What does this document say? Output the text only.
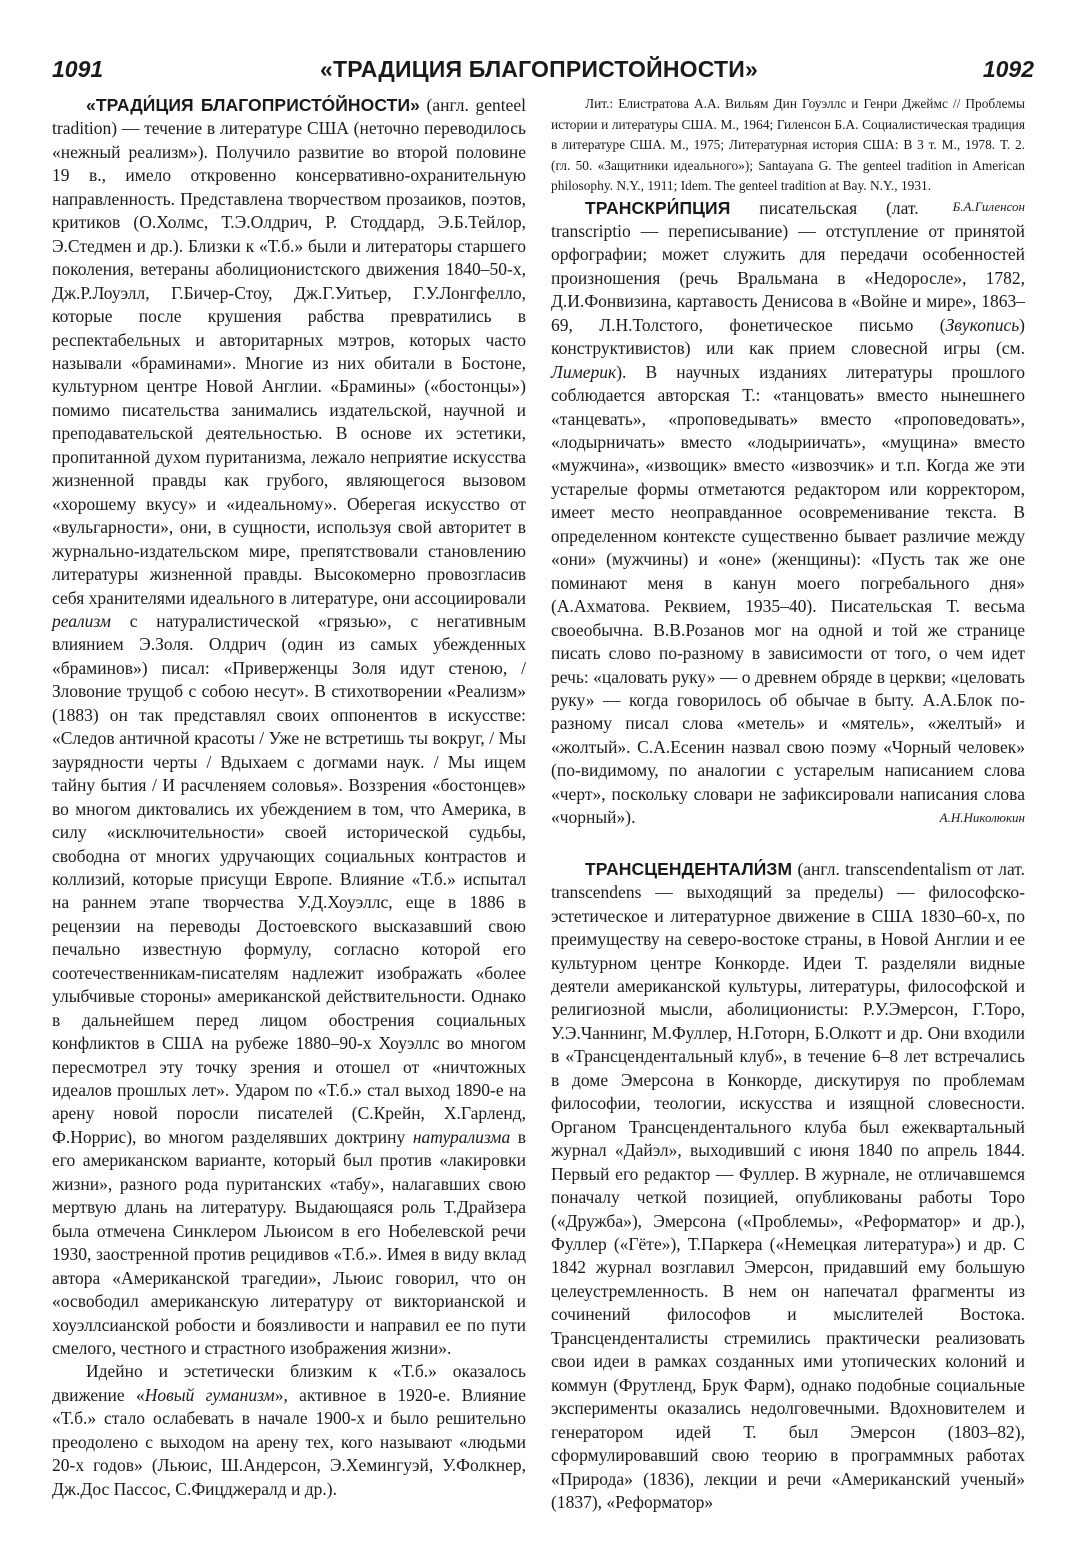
1091	«ТРАДИЦИЯ БЛАГОПРИСТОЙНОСТИ»	1092

«ТРАДИ́ЦИЯ БЛАГОПРИСТО́ЙНОСТИ» (англ. genteel tradition) — течение в литературе США (неточно переводилось «нежный реализм»). Получило развитие во второй половине 19 в., имело откровенно консервативно-охранительную направленность. Представлена творчеством прозаиков, поэтов, критиков (О.Холмс, Т.Э.Олдрич, Р. Стоддард, Э.Б.Тейлор, Э.Стедмен и др.). Близки к «Т.б.» были и литераторы старшего поколения, ветераны аболиционистского движения 1840–50-х, Дж.Р.Лоуэлл, Г.Бичер-Стоу, Дж.Г.Уитьер, Г.У.Лонгфелло, которые после крушения рабства превратились в респектабельных и авторитарных мэтров, которых часто называли «браминами». Многие из них обитали в Бостоне, культурном центре Новой Англии. «Брамины» («бостонцы») помимо писательства занимались издательской, научной и преподавательской деятельностью. В основе их эстетики, пропитанной духом пуританизма, лежало неприятие искусства жизненной правды как грубого, являющегося вызовом «хорошему вкусу» и «идеальному». Оберегая искусство от «вульгарности», они, в сущности, используя свой авторитет в журнально-издательском мире, препятствовали становлению литературы жизненной правды. Высокомерно провозгласив себя хранителями идеального в литературе, они ассоциировали реализм с натуралистической «грязью», с негативным влиянием Э.Золя. Олдрич (один из самых убежденных «браминов») писал: «Приверженцы Золя идут стеною, / Зловоние трущоб с собою несут». В стихотворении «Реализм» (1883) он так представлял своих оппонентов в искусстве: «Следов античной красоты / Уже не встретишь ты вокруг, / Мы заурядности черты / Вдыхаем с догмами наук. / Мы ищем тайну бытия / И расчленяем соловья». Воззрения «бостонцев» во многом диктовались их убеждением в том, что Америка, в силу «исключительности» своей исторической судьбы, свободна от многих удручающих социальных контрастов и коллизий, которые присущи Европе. Влияние «Т.б.» испытал на раннем этапе творчества У.Д.Хоуэллс, еще в 1886 в рецензии на переводы Достоевского высказавший свою печально известную формулу, согласно которой его соотечественникам-писателям надлежит изображать «более улыбчивые стороны» американской действительности. Однако в дальнейшем перед лицом обострения социальных конфликтов в США на рубеже 1880–90-х Хоуэллс во многом пересмотрел эту точку зрения и отошел от «ничтожных идеалов прошлых лет». Ударом по «Т.б.» стал выход 1890-е на арену новой поросли писателей (С.Крейн, Х.Гарленд, Ф.Норрис), во многом разделявших доктрину натурализма в его американском варианте, который был против «лакировки жизни», разного рода пуританских «табу», налагавших свою мертвую длань на литературу. Выдающаяся роль Т.Драйзера была отмечена Синклером Льюисом в его Нобелевской речи 1930, заостренной против рецидивов «Т.б.». Имея в виду вклад автора «Американской трагедии», Льюис говорил, что он «освободил американскую литературу от викторианской и хоуэллсианской робости и боязливости и направил ее по пути смелого, честного и страстного изображения жизни».

Идейно и эстетически близким к «Т.б.» оказалось движение «Новый гуманизм», активное в 1920-е. Влияние «Т.б.» стало ослабевать в начале 1900-х и было решительно преодолено с выходом на арену тех, кого называют «людьми 20-х годов» (Льюис, Ш.Андерсон, Э.Хемингуэй, У.Фолкнер, Дж.Дос Пассос, С.Фицджерaлд и др.).

Лит.: Елистратова А.А. Вильям Дин Гоуэллс и Генри Джеймс // Проблемы истории и литературы США. М., 1964; Гиленсон Б.А. Социалистическая традиция в литературе США. М., 1975; Литературная история США: В 3 т. М., 1978. Т. 2. (гл. 50. «Защитники идеального»); Santayana G. The genteel tradition in American philosophy. N.Y., 1911; Idem. The genteel tradition at Bay. N.Y., 1931.
Б.А.Гиленсон

ТРАНСКРИ́ПЦИЯ писательская (лат. transcriptio — переписывание) — отступление от принятой орфографии; может служить для передачи особенностей произношения (речь Вральмана в «Недоросле», 1782, Д.И.Фонвизина, картавость Денисова в «Войне и мире», 1863–69, Л.Н.Толстого, фонетическое письмо (Звукопись) конструктивистов) или как прием словесной игры (см. Лимерик). В научных изданиях литературы прошлого соблюдается авторская Т.: «танцовать» вместо нынешнего «танцевать», «проповедывать» вместо «проповедовать», «лодырничать» вместо «лодыриичать», «мущина» вместо «мужчина», «извощик» вместо «извозчик» и т.п. Когда же эти устарелые формы отметаются редактором или корректором, имеет место неоправданное осовременивание текста. В определенном контексте существенно бывает различие между «они» (мужчины) и «оне» (женщины): «Пусть так же оне поминают меня в канун моего погребального дня» (А.Ахматова. Реквием, 1935–40). Писательская Т. весьма своеобычна. В.В.Розанов мог на одной и той же странице писать слово по-разному в зависимости от того, о чем идет речь: «цаловать руку» — о древнем обряде в церкви; «целовать руку» — когда говорилось об обычае в быту. А.А.Блок по-разному писал слова «метель» и «мятель», «желтый» и «жолтый». С.А.Есенин назвал свою поэму «Чорный человек» (по-видимому, по аналогии с устарелым написанием слова «черт», поскольку словари не зафиксировали написания слова «чорный»).	А.Н.Николюкин

ТРАНСЦЕНДЕНТАЛИ́ЗМ (англ. transcendentalism от лат. transcendens — выходящий за пределы) — философско-эстетическое и литературное движение в США 1830–60-х, по преимуществу на северо-востоке страны, в Новой Англии и ее культурном центре Конкорде. Идеи Т. разделяли видные деятели американской культуры, литературы, философской и религиозной мысли, аболиционисты: Р.У.Эмерсон, Г.Торо, У.Э.Чаннинг, М.Фуллер, Н.Готорн, Б.Олкотт и др. Они входили в «Трансцендентальный клуб», в течение 6–8 лет встречались в доме Эмерсона в Конкорде, дискутируя по проблемам философии, теологии, искусства и изящной словесности. Органом Трансцендентального клуба был ежеквартальный журнал «Дайэл», выходивший с июня 1840 по апрель 1844. Первый его редактор — Фуллер. В журнале, не отличавшемся поначалу четкой позицией, опубликованы работы Торо («Дружба»), Эмерсона («Проблемы», «Реформатор» и др.), Фуллер («Гёте»), Т.Паркера («Немецкая литература») и др. С 1842 журнал возглавил Эмерсон, придавший ему большую целеустремленность. В нем он напечатал фрагменты из сочинений философов и мыслителей Востока. Трансценденталисты стремились практически реализовать свои идеи в рамках созданных ими утопических колоний и коммун (Фрутленд, Брук Фарм), однако подобные социальные эксперименты оказались недолговечными. Вдохновителем и генератором идей Т. был Эмерсон (1803–82), сформулировавший свою теорию в программных работах «Природа» (1836), лекции и речи «Американский ученый» (1837), «Реформатор»
